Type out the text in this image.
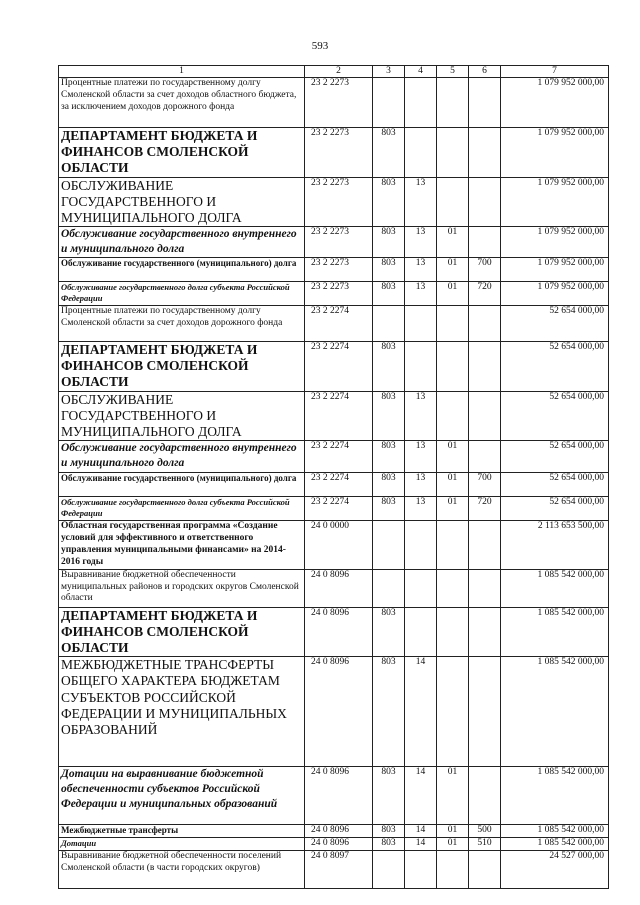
593
1	2	3	4	5	6	7
Процентные платежи по государственному долгу Смоленской области за счет доходов областного бюджета, за исключением доходов дорожного фонда	23 2 2273					1 079 952 000,00
ДЕПАРТАМЕНТ БЮДЖЕТА И ФИНАНСОВ СМОЛЕНСКОЙ ОБЛАСТИ	23 2 2273	803				1 079 952 000,00
ОБСЛУЖИВАНИЕ ГОСУДАРСТВЕННОГО И МУНИЦИПАЛЬНОГО ДОЛГА	23 2 2273	803	13			1 079 952 000,00
Обслуживание государственного внутреннего и муниципального долга	23 2 2273	803	13	01		1 079 952 000,00
Обслуживание государственного (муниципального) долга	23 2 2273	803	13	01	700	1 079 952 000,00
Обслуживание государственного долга субъекта Российской Федерации	23 2 2273	803	13	01	720	1 079 952 000,00
Процентные платежи по государственному долгу Смоленской области за счет доходов дорожного фонда	23 2 2274					52 654 000,00
ДЕПАРТАМЕНТ БЮДЖЕТА И ФИНАНСОВ СМОЛЕНСКОЙ ОБЛАСТИ	23 2 2274	803				52 654 000,00
ОБСЛУЖИВАНИЕ ГОСУДАРСТВЕННОГО И МУНИЦИПАЛЬНОГО ДОЛГА	23 2 2274	803	13			52 654 000,00
Обслуживание государственного внутреннего и муниципального долга	23 2 2274	803	13	01		52 654 000,00
Обслуживание государственного (муниципального) долга	23 2 2274	803	13	01	700	52 654 000,00
Обслуживание государственного долга субъекта Российской Федерации	23 2 2274	803	13	01	720	52 654 000,00
Областная государственная программа «Создание условий для эффективного и ответственного управления муниципальными финансами» на 2014-2016 годы	24 0 0000					2 113 653 500,00
Выравнивание бюджетной обеспеченности муниципальных районов и городских округов Смоленской области	24 0 8096					1 085 542 000,00
ДЕПАРТАМЕНТ БЮДЖЕТА И ФИНАНСОВ СМОЛЕНСКОЙ ОБЛАСТИ	24 0 8096	803				1 085 542 000,00
МЕЖБЮДЖЕТНЫЕ ТРАНСФЕРТЫ ОБЩЕГО ХАРАКТЕРА БЮДЖЕТАМ СУБЪЕКТОВ РОССИЙСКОЙ ФЕДЕРАЦИИ И МУНИЦИПАЛЬНЫХ ОБРАЗОВАНИЙ	24 0 8096	803	14			1 085 542 000,00
Дотации на выравнивание бюджетной обеспеченности субъектов Российской Федерации и муниципальных образований	24 0 8096	803	14	01		1 085 542 000,00
Межбюджетные трансферты	24 0 8096	803	14	01	500	1 085 542 000,00
Дотации	24 0 8096	803	14	01	510	1 085 542 000,00
Выравнивание бюджетной обеспеченности поселений Смоленской области (в части городских округов)	24 0 8097					24 527 000,00
